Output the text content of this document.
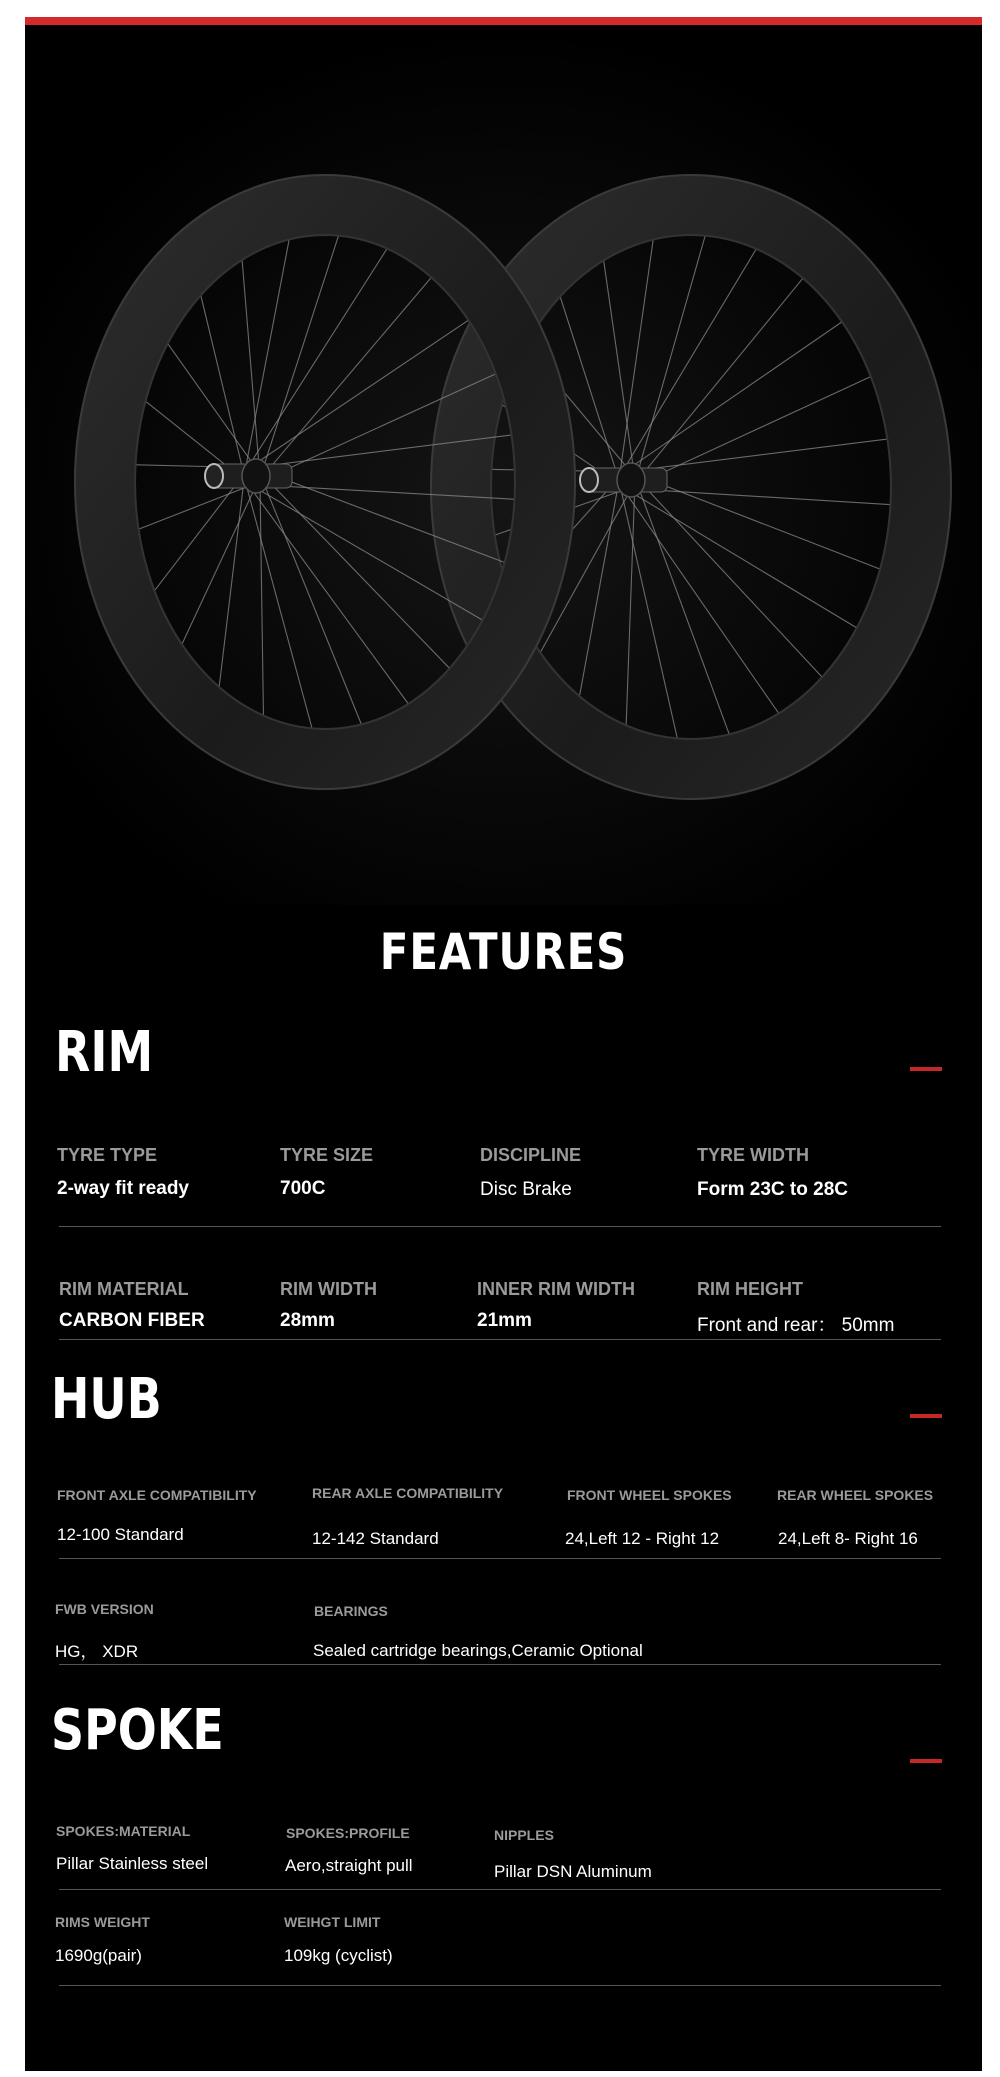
FEATURES
RIM
TYRE TYPE
2-way fit ready
TYRE SIZE
700C
DISCIPLINE
Disc Brake
TYRE WIDTH
Form 23C to 28C
RIM MATERIAL
CARBON FIBER
RIM WIDTH
28mm
INNER RIM WIDTH
21mm
RIM HEIGHT
Front and rear： 50mm
HUB
FRONT AXLE COMPATIBILITY
12-100 Standard
REAR AXLE COMPATIBILITY
12-142 Standard
FRONT WHEEL SPOKES
24,Left 12 - Right 12
REAR WHEEL SPOKES
24,Left 8- Right 16
FWB VERSION
HG， XDR
BEARINGS
Sealed cartridge bearings,Ceramic Optional
SPOKE
SPOKES:MATERIAL
Pillar Stainless steel
SPOKES:PROFILE
Aero,straight pull
NIPPLES
Pillar DSN Aluminum
RIMS WEIGHT
1690g(pair)
WEIHGT LIMIT
109kg (cyclist)
